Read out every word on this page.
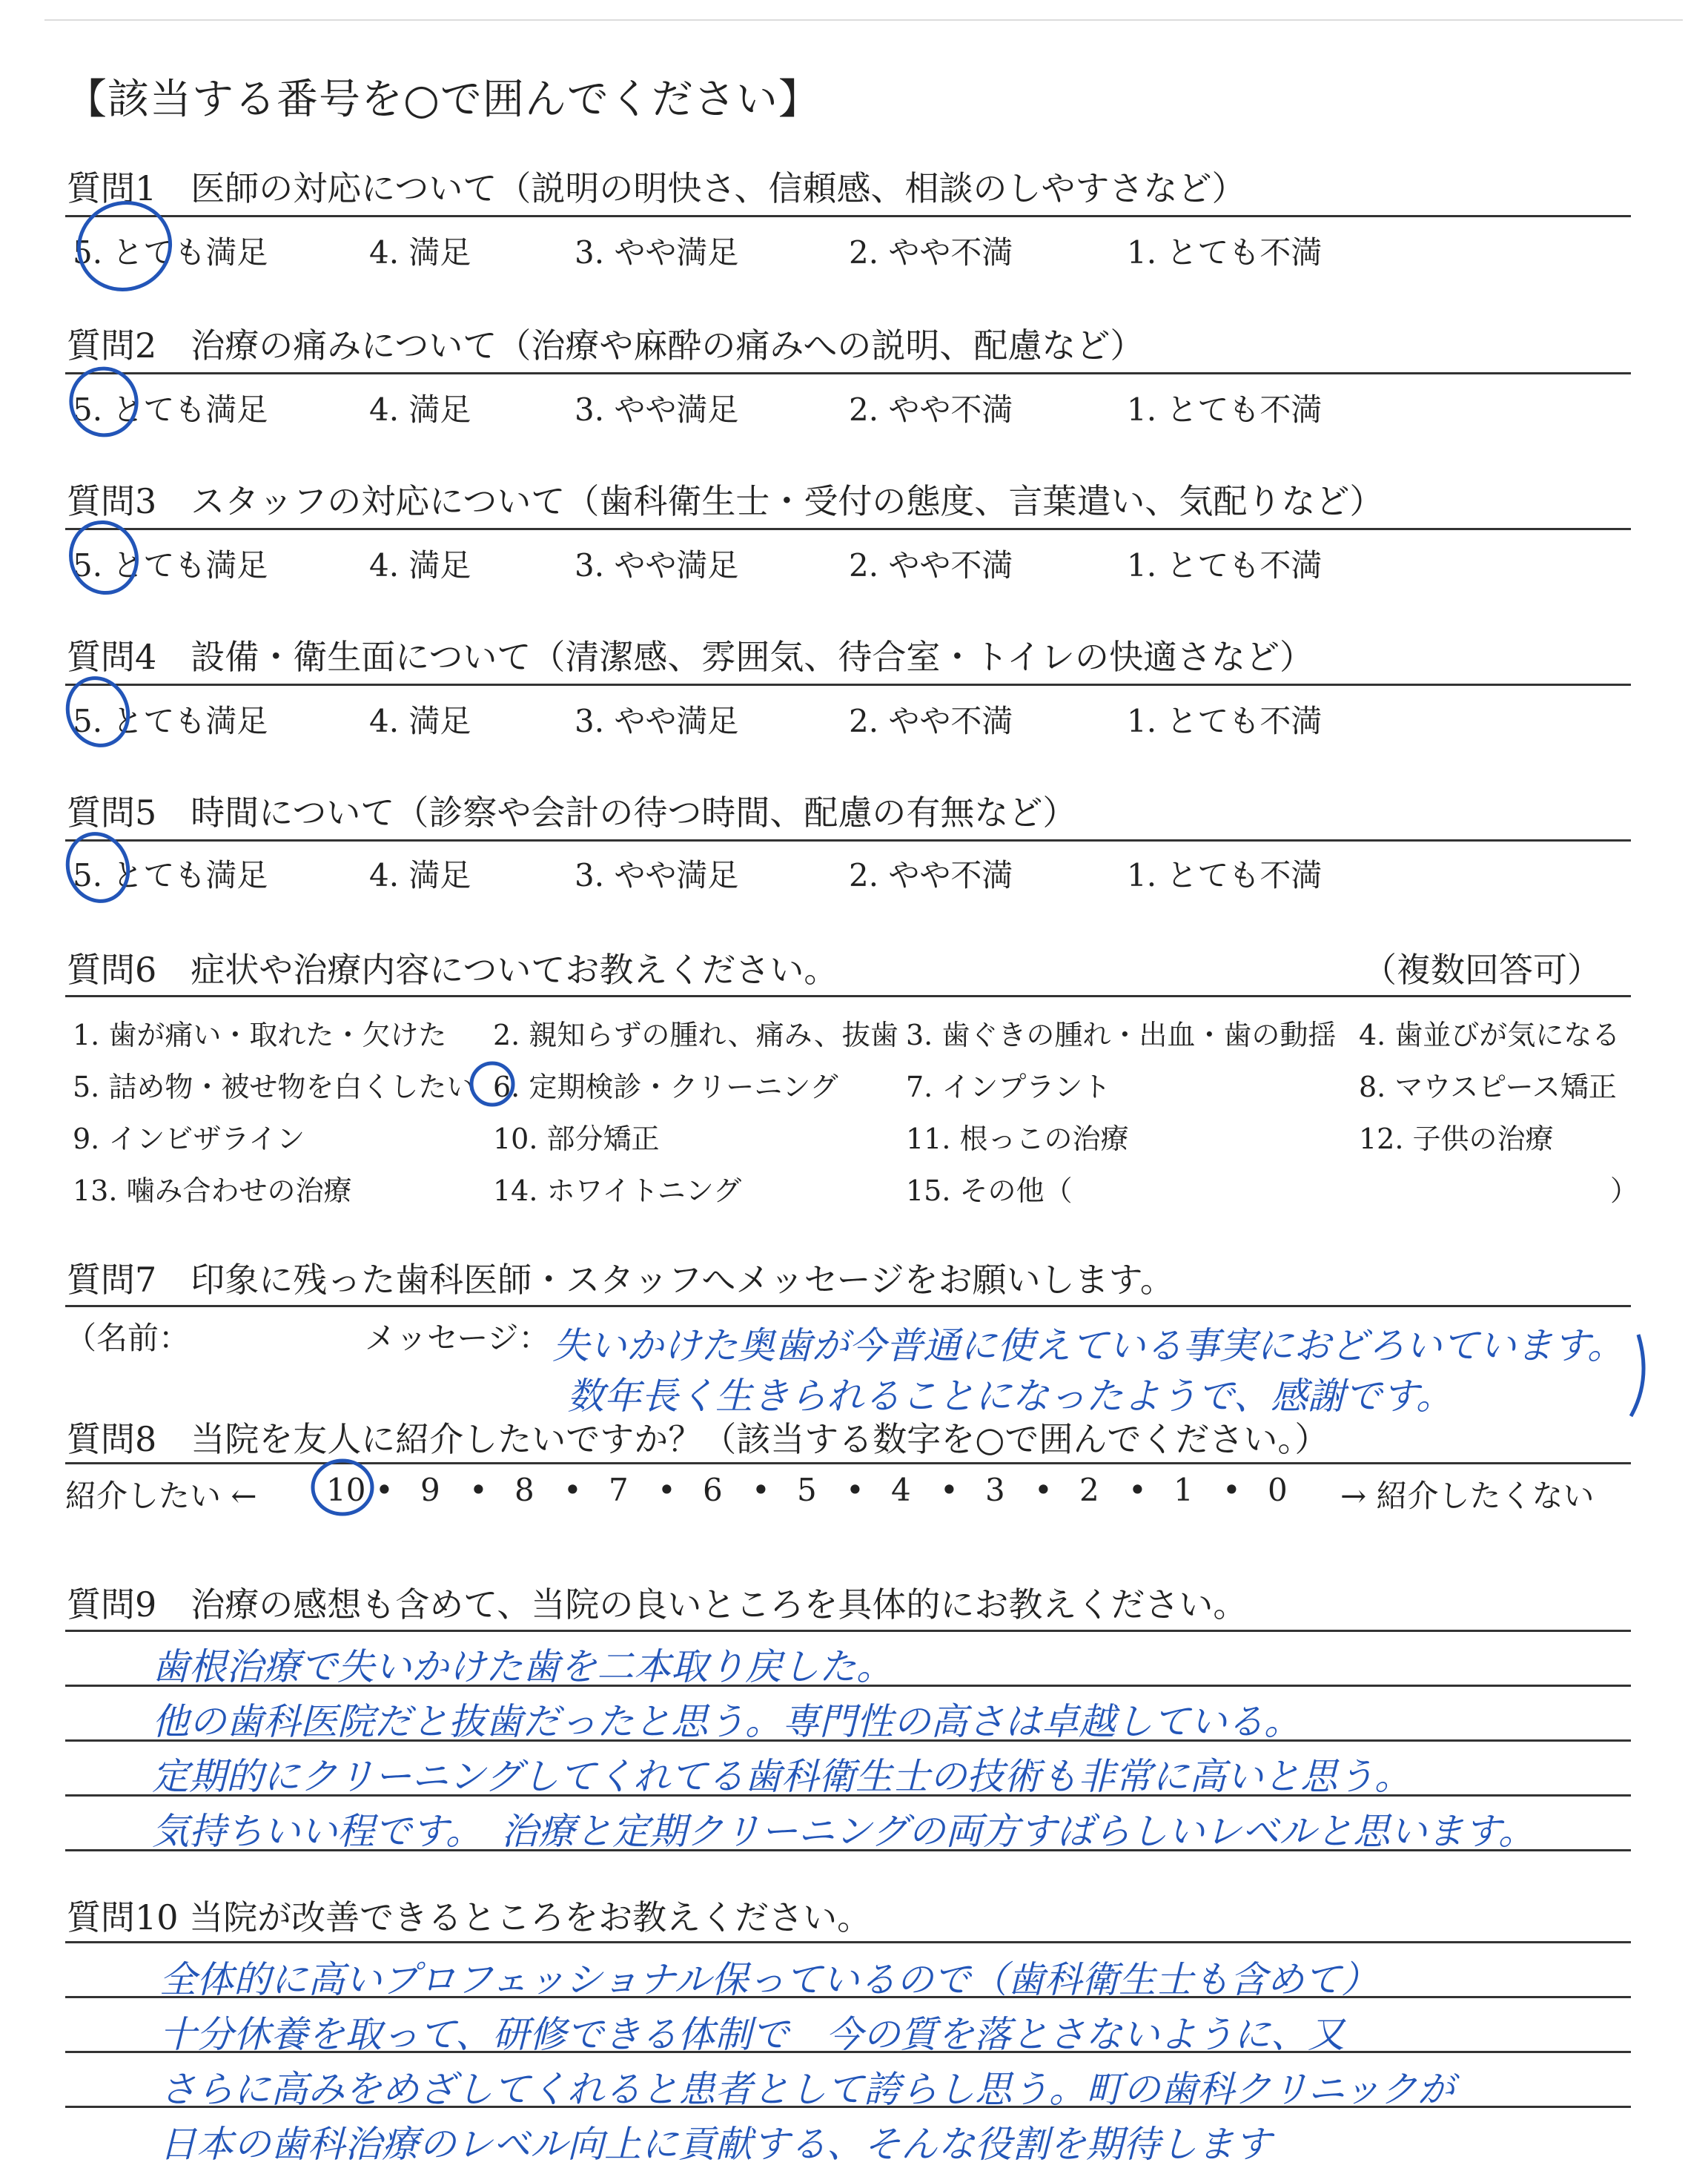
【該当する番号を○で囲んでください】
質問1　医師の対応について（説明の明快さ、信頼感、相談のしやすさなど）
5. とても満足	4. 満足	3. やや満足	2. やや不満	1. とても不満
質問2　治療の痛みについて（治療や麻酔の痛みへの説明、配慮など）
5. とても満足	4. 満足	3. やや満足	2. やや不満	1. とても不満
質問3　スタッフの対応について（歯科衛生士・受付の態度、言葉遣い、気配りなど）
5. とても満足	4. 満足	3. やや満足	2. やや不満	1. とても不満
質問4　設備・衛生面について（清潔感、雰囲気、待合室・トイレの快適さなど）
5. とても満足	4. 満足	3. やや満足	2. やや不満	1. とても不満
質問5　時間について（診察や会計の待つ時間、配慮の有無など）
5. とても満足	4. 満足	3. やや満足	2. やや不満	1. とても不満
質問6　症状や治療内容についてお教えください。	（複数回答可）
1. 歯が痛い・取れた・欠けた 2. 親知らずの腫れ、痛み、抜歯 3. 歯ぐきの腫れ・出血・歯の動揺 4. 歯並びが気になる
5. 詰め物・被せ物を白くしたい 6. 定期検診・クリーニング 7. インプラント	8. マウスピース矯正
9. インビザライン	10. 部分矯正	11. 根っこの治療	12. 子供の治療
13. 噛み合わせの治療	14. ホワイトニング	15. その他（	）
質問7　印象に残った歯科医師・スタッフへメッセージをお願いします。
（名前：	メッセージ： 失いかけた奥歯が今普通に使えている事実におどろいています。
数年長く生きられることになったようで、感謝です。
質問8　当院を友人に紹介したいですか？（該当する数字を○で囲んでください。）
紹介したい ←	→ 紹介したくない
10 • 9 • 8 • 7 • 6 • 5 • 4 • 3 • 2 • 1 • 0
質問9　治療の感想も含めて、当院の良いところを具体的にお教えください。
歯根治療で失いかけた歯を二本取り戻した。
他の歯科医院だと抜歯だったと思う。専門性の高さは卓越している。
定期的にクリーニングしてくれてる歯科衛生士の技術も非常に高いと思う。
気持ちいい程です。　治療と定期クリーニングの両方すばらしいレベルと思います。
質問10 当院が改善できるところをお教えください。
全体的に高いプロフェッショナル保っているので（歯科衛生士も含めて）
十分休養を取って、研修できる体制で　今の質を落とさないように、又
さらに高みをめざしてくれると患者として誇らし思う。町の歯科クリニックが
日本の歯科治療のレベル向上に貢献する、そんな役割を期待します
